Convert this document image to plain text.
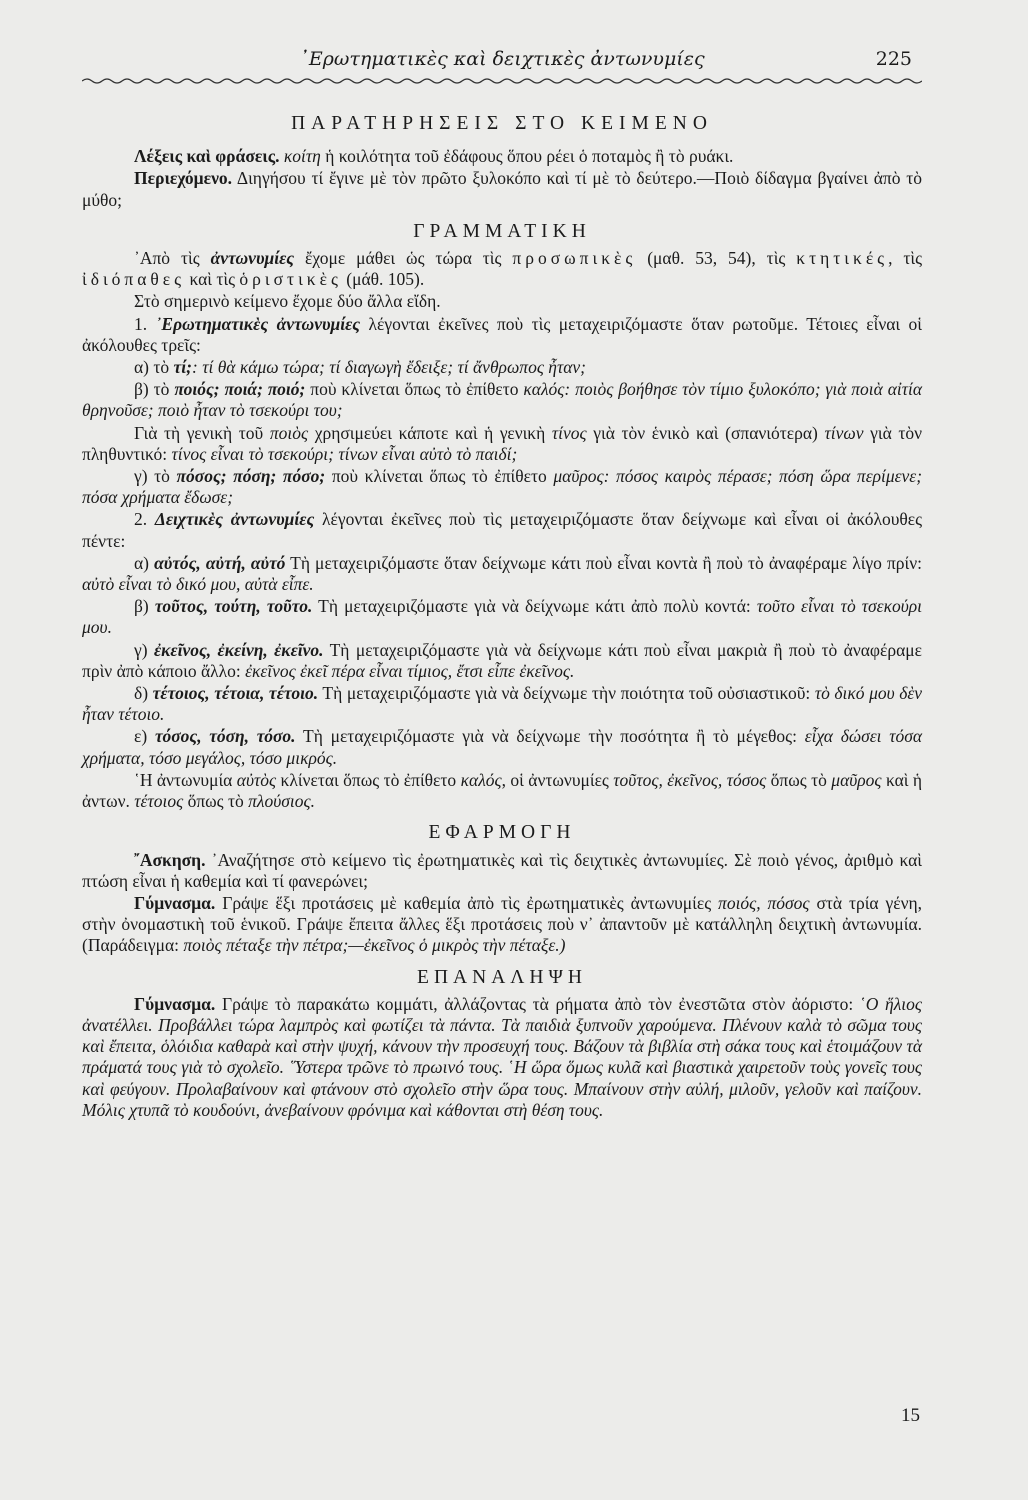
᾿Ερωτηματικὲς καὶ δειχτικὲς ἀντωνυμίες	225
ΠΑΡΑΤΗΡΗΣΕΙΣ ΣΤΟ ΚΕΙΜΕΝΟ

Λέξεις καὶ φράσεις. κοίτη ἡ κοιλότητα τοῦ ἐδάφους ὅπου ρέει ὁ ποταμὸς ἢ τὸ ρυάκι.

Περιεχόμενο. Διηγήσου τί ἔγινε μὲ τὸν πρῶτο ξυλοκόπο καὶ τί μὲ τὸ δεύτερο.—Ποιὸ δίδαγμα βγαίνει ἀπὸ τὸ μύθο;

ΓΡΑΜΜΑΤΙΚΗ

᾿Απὸ τὶς ἀντωνυμίες ἔχομε μάθει ὡς τώρα τὶς προσωπικὲς (μαθ. 53, 54), τὶς κτητικές, τὶς ἰδιόπαθες καὶ τὶς ὁριστικὲς (μάθ. 105).

Στὸ σημερινὸ κείμενο ἔχομε δύο ἄλλα εἴδη.

1. ᾿Ερωτηματικὲς ἀντωνυμίες λέγονται ἐκεῖνες ποὺ τὶς μεταχειριζόμαστε ὅταν ρωτοῦμε. Τέτοιες εἶναι οἱ ἀκόλουθες τρεῖς:

α) τὸ τί;: τί θὰ κάμω τώρα; τί διαγωγὴ ἔδειξε; τί ἄνθρωπος ἦταν;

β) τὸ ποιός; ποιά; ποιό; ποὺ κλίνεται ὅπως τὸ ἐπίθετο καλός: ποιὸς βοήθησε τὸν τίμιο ξυλοκόπο; γιὰ ποιὰ αἰτία θρηνοῦσε; ποιὸ ἦταν τὸ τσεκούρι του;

Γιὰ τὴ γενικὴ τοῦ ποιὸς χρησιμεύει κάποτε καὶ ἡ γενικὴ τίνος γιὰ τὸν ἑνικὸ καὶ (σπανιότερα) τίνων γιὰ τὸν πληθυντικό: τίνος εἶναι τὸ τσεκούρι; τίνων εἶναι αὐτὸ τὸ παιδί;

γ) τὸ πόσος; πόση; πόσο; ποὺ κλίνεται ὅπως τὸ ἐπίθετο μαῦρος: πόσος καιρὸς πέρασε; πόση ὥρα περίμενε; πόσα χρήματα ἔδωσε;

2. Δειχτικὲς ἀντωνυμίες λέγονται ἐκεῖνες ποὺ τὶς μεταχειριζόμαστε ὅταν δείχνωμε καὶ εἶναι οἱ ἀκόλουθες πέντε:

α) αὐτός, αὐτή, αὐτό Τὴ μεταχειριζόμαστε ὅταν δείχνωμε κάτι ποὺ εἶναι κοντὰ ἢ ποὺ τὸ ἀναφέραμε λίγο πρίν: αὐτὸ εἶναι τὸ δικό μου, αὐτὰ εἶπε.

β) τοῦτος, τούτη, τοῦτο. Τὴ μεταχειριζόμαστε γιὰ νὰ δείχνωμε κάτι ἀπὸ πολὺ κοντά: τοῦτο εἶναι τὸ τσεκούρι μου.

γ) ἐκεῖνος, ἐκείνη, ἐκεῖνο. Τὴ μεταχειριζόμαστε γιὰ νὰ δείχνωμε κάτι ποὺ εἶναι μακριὰ ἢ ποὺ τὸ ἀναφέραμε πρὶν ἀπὸ κάποιο ἄλλο: ἐκεῖνος ἐκεῖ πέρα εἶναι τίμιος, ἔτσι εἶπε ἐκεῖνος.

δ) τέτοιος, τέτοια, τέτοιο. Τὴ μεταχειριζόμαστε γιὰ νὰ δείχνωμε τὴν ποιότητα τοῦ οὐσιαστικοῦ: τὸ δικό μου δὲν ἦταν τέτοιο.

ε) τόσος, τόση, τόσο. Τὴ μεταχειριζόμαστε γιὰ νὰ δείχνωμε τὴν ποσότητα ἢ τὸ μέγεθος: εἶχα δώσει τόσα χρήματα, τόσο μεγάλος, τόσο μικρός.

῾Η ἀντωνυμία αὐτὸς κλίνεται ὅπως τὸ ἐπίθετο καλός, οἱ ἀντωνυμίες τοῦτος, ἐκεῖνος, τόσος ὅπως τὸ μαῦρος καὶ ἡ ἀντων. τέτοιος ὅπως τὸ πλούσιος.

ΕΦΑΡΜΟΓΗ

῎Ασκηση. ᾿Αναζήτησε στὸ κείμενο τὶς ἐρωτηματικὲς καὶ τὶς δειχτικὲς ἀντωνυμίες. Σὲ ποιὸ γένος, ἀριθμὸ καὶ πτώση εἶναι ἡ καθεμία καὶ τί φανερώνει;

Γύμνασμα. Γράψε ἕξι προτάσεις μὲ καθεμία ἀπὸ τὶς ἐρωτηματικὲς ἀντωνυμίες ποιός, πόσος στὰ τρία γένη, στὴν ὀνομαστικὴ τοῦ ἑνικοῦ. Γράψε ἔπειτα ἄλλες ἕξι προτάσεις ποὺ ν᾿ ἀπαντοῦν μὲ κατάλληλη δειχτικὴ ἀντωνυμία. (Παράδειγμα: ποιὸς πέταξε τὴν πέτρα;—ἐκεῖνος ὁ μικρὸς τὴν πέταξε.)

ΕΠΑΝΑΛΗΨΗ

Γύμνασμα. Γράψε τὸ παρακάτω κομμάτι, ἀλλάζοντας τὰ ρήματα ἀπὸ τὸν ἐνεστῶτα στὸν ἀόριστο: ῾Ο ἥλιος ἀνατέλλει. Προβάλλει τώρα λαμπρὸς καὶ φωτίζει τὰ πάντα. Τὰ παιδιὰ ξυπνοῦν χαρούμενα. Πλένουν καλὰ τὸ σῶμα τους καὶ ἔπειτα, ὁλόιδια καθαρὰ καὶ στὴν ψυχή, κάνουν τὴν προσευχή τους. Βάζουν τὰ βιβλία στὴ σάκα τους καὶ ἑτοιμάζουν τὰ πράματά τους γιὰ τὸ σχολεῖο. ῞Υστερα τρῶνε τὸ πρωινό τους. ῾Η ὥρα ὅμως κυλᾶ καὶ βιαστικὰ χαιρετοῦν τοὺς γονεῖς τους καὶ φεύγουν. Προλαβαίνουν καὶ φτάνουν στὸ σχολεῖο στὴν ὥρα τους. Μπαίνουν στὴν αὐλή, μιλοῦν, γελοῦν καὶ παίζουν. Μόλις χτυπᾶ τὸ κουδούνι, ἀνεβαίνουν φρόνιμα καὶ κάθονται στὴ θέση τους.

15
